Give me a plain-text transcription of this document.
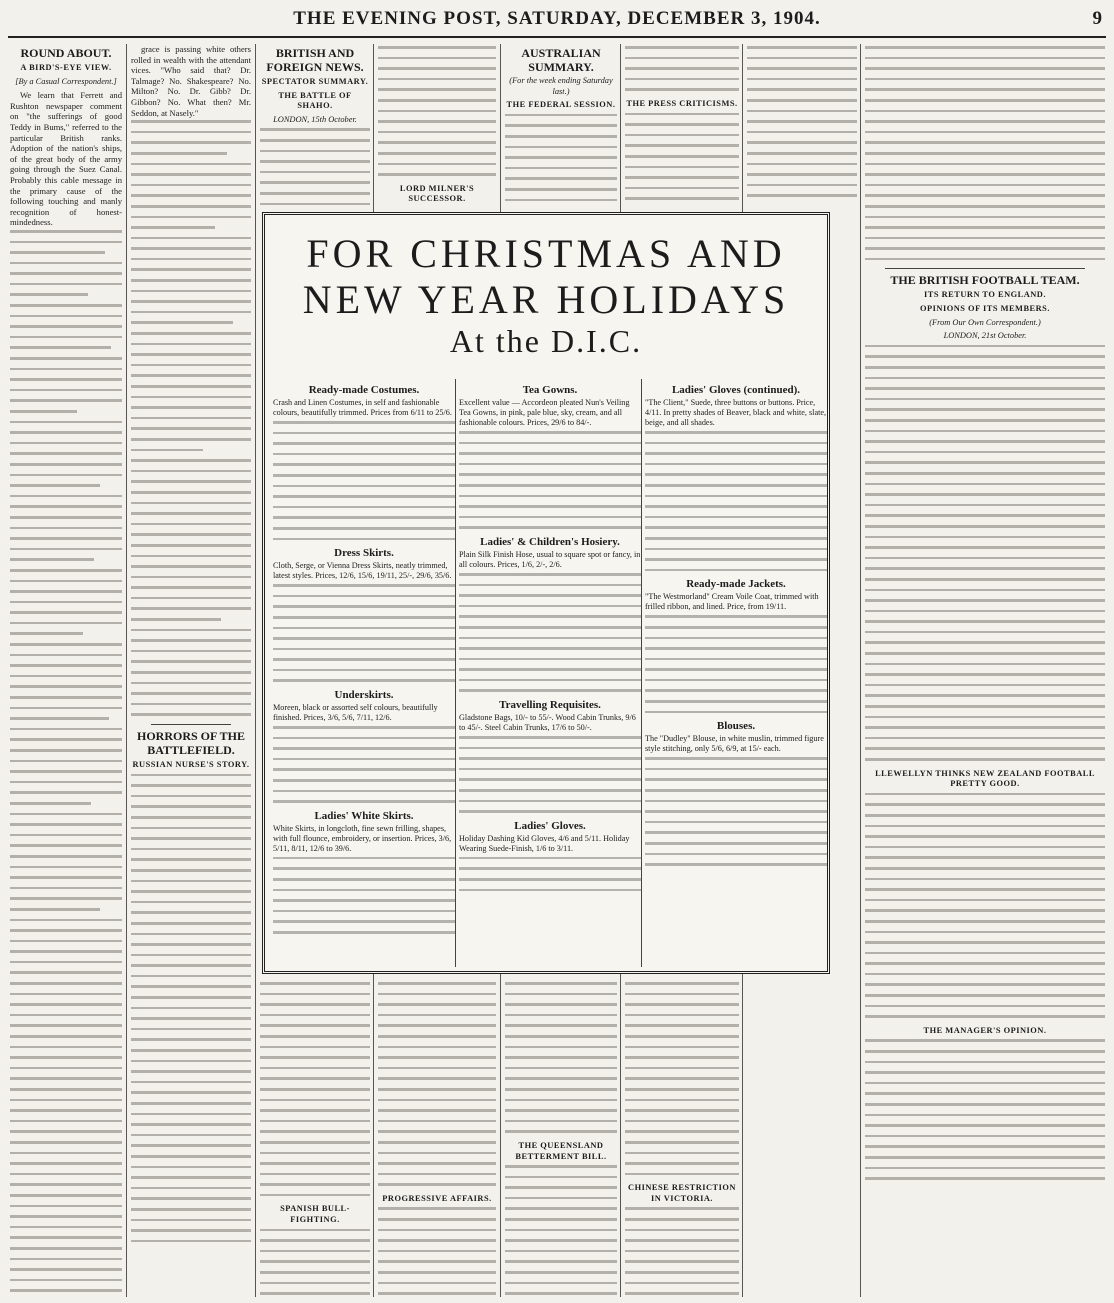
THE EVENING POST, SATURDAY, DECEMBER 3, 1904.	9
ROUND ABOUT.
A BIRD'S-EYE VIEW.
[By a Casual Correspondent.]
We learn that Ferrett and Rushton newspaper comment on "the sufferings of good Teddy in Bums," referred to the particular British ranks. Adoption of the nation's ships, of the great body of the army going through the Suez Canal. Probably this cable message in the primary cause of the following touching and manly recognition of honest-mindedness.
grace is passing white others rolled in wealth with the attendant vices. "Who said that? Dr. Talmage? No. Shakespeare? No. Milton? No. Dr. Gibb? Dr. Gibbon? No. What then? Mr. Seddon, at Nasely."
HORRORS OF THE BATTLEFIELD.
RUSSIAN NURSE'S STORY.
BRITISH AND FOREIGN NEWS.
SPECTATOR SUMMARY.
THE BATTLE OF SHAHO.
LONDON, 15th October.
LORD MILNER'S SUCCESSOR.
AUSTRALIAN SUMMARY.
(For the week ending Saturday last.)
THE FEDERAL SESSION. THE PRESS CRITICISMS.
SPANISH BULL-FIGHTING.
PROGRESSIVE AFFAIRS.
THE QUEENSLAND BETTERMENT BILL.
CHINESE RESTRICTION IN VICTORIA.
THE BRITISH FOOTBALL TEAM.
ITS RETURN TO ENGLAND.
OPINIONS OF ITS MEMBERS.
(From Our Own Correspondent.)
LONDON, 21st October.
LLEWELLYN THINKS NEW ZEALAND FOOTBALL PRETTY GOOD.
THE MANAGER'S OPINION.
FOR CHRISTMAS AND NEW YEAR HOLIDAYS
At the D.I.C.
Ready-made Costumes.
Crash and Linen Costumes, in self and fashionable colours, beautifully trimmed. Prices from 6/11 to 25/6.
Dress Skirts.
Cloth, Serge, or Vienna Dress Skirts, neatly trimmed, latest styles. Prices, 12/6, 15/6, 19/11, 25/-, 29/6, 35/6.
Underskirts.
Moreen, black or assorted self colours, beautifully finished. Prices, 3/6, 5/6, 7/11, 12/6.
Ladies' White Skirts.
White Skirts, in longcloth, fine sewn frilling, shapes, with full flounce, embroidery, or insertion. Prices, 3/6, 5/11, 8/11, 12/6 to 39/6.
Tea Gowns.
Excellent value — Accordeon pleated Nun's Veiling Tea Gowns, in pink, pale blue, sky, cream, and all fashionable colours. Prices, 29/6 to 84/-.
Ladies' & Children's Hosiery.
Plain Silk Finish Hose, usual to square spot or fancy, in all colours. Prices, 1/6, 2/-, 2/6.
Travelling Requisites.
Gladstone Bags, 10/- to 55/-. Wood Cabin Trunks, 9/6 to 45/-. Steel Cabin Trunks, 17/6 to 50/-.
Ladies' Gloves.
Holiday Dashing Kid Gloves, 4/6 and 5/11. Holiday Wearing Suede-Finish, 1/6 to 3/11.
Ladies' Gloves (continued).
"The Client," Suede, three buttons or buttons. Price, 4/11. In pretty shades of Beaver, black and white, slate, beige, and all shades.
Ready-made Jackets.
"The Westmorland" Cream Voile Coat, trimmed with frilled ribbon, and lined. Price, from 19/11.
Blouses.
The "Dudley" Blouse, in white muslin, trimmed figure style stitching, only 5/6, 6/9, at 15/- each.
